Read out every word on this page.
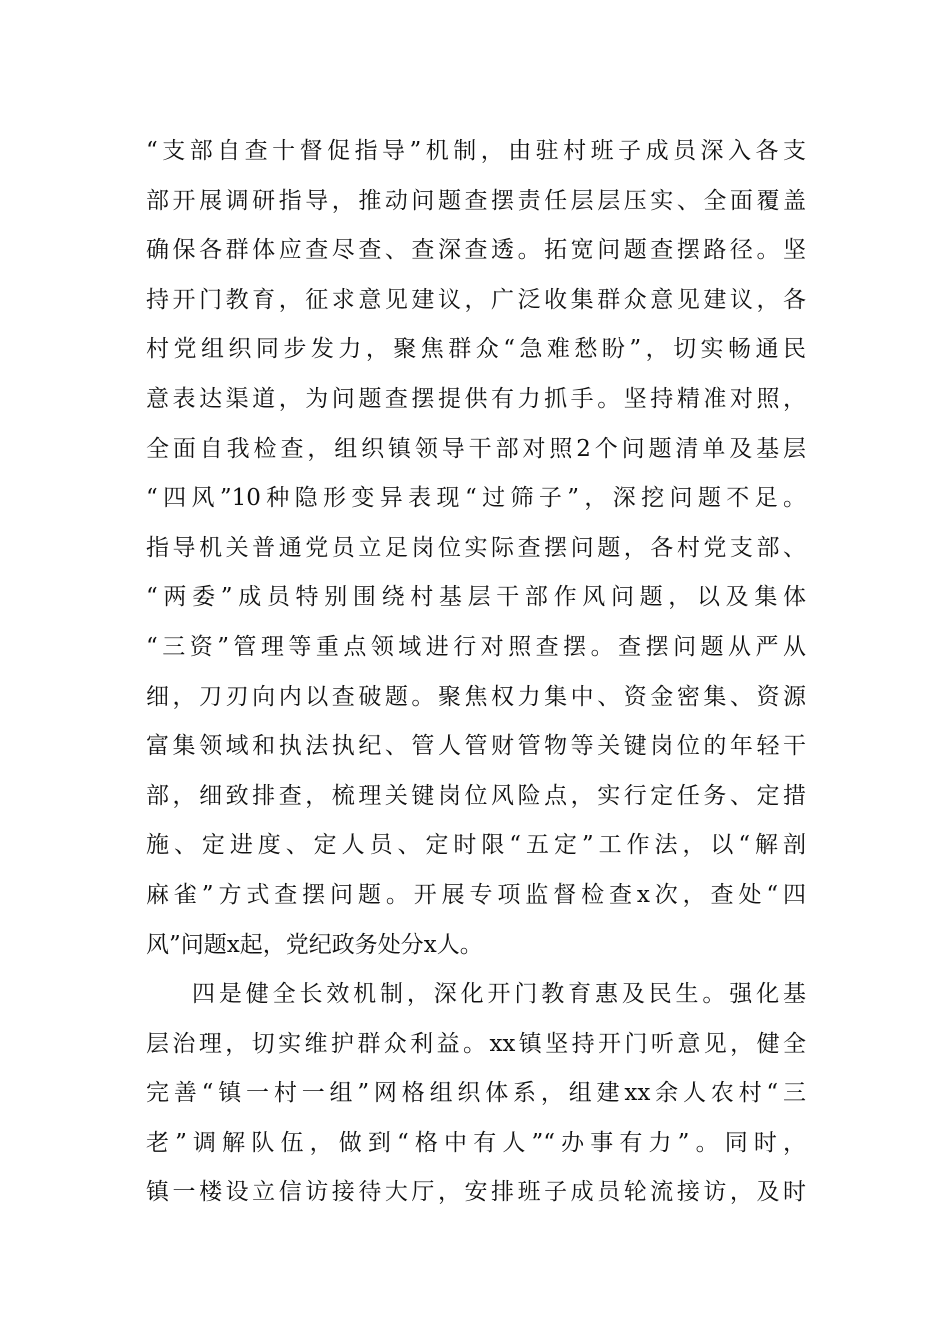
“支部自查十督促指导”机制，由驻村班子成员深入各支
部开展调研指导，推动问题查摆责任层层压实、全面覆盖
确保各群体应查尽查、查深查透。拓宽问题查摆路径。坚
持开门教育，征求意见建议，广泛收集群众意见建议，各
村党组织同步发力，聚焦群众“急难愁盼”，切实畅通民
意表达渠道，为问题查摆提供有力抓手。坚持精准对照，
全面自我检查，组织镇领导干部对照2个问题清单及基层
“四风”10种隐形变异表现“过筛子”，深挖问题不足。
指导机关普通党员立足岗位实际查摆问题，各村党支部、
“两委”成员特别围绕村基层干部作风问题，以及集体
“三资”管理等重点领域进行对照查摆。查摆问题从严从
细，刀刃向内以查破题。聚焦权力集中、资金密集、资源
富集领域和执法执纪、管人管财管物等关键岗位的年轻干
部，细致排查，梳理关键岗位风险点，实行定任务、定措
施、定进度、定人员、定时限“五定”工作法，以“解剖
麻雀”方式查摆问题。开展专项监督检查x次，查处“四
风”问题x起，党纪政务处分x人。
四是健全长效机制，深化开门教育惠及民生。强化基
层治理，切实维护群众利益。xx镇坚持开门听意见，健全
完善“镇一村一组”网格组织体系，组建xx余人农村“三
老”调解队伍，做到“格中有人”“办事有力”。同时，
镇一楼设立信访接待大厅，安排班子成员轮流接访，及时
